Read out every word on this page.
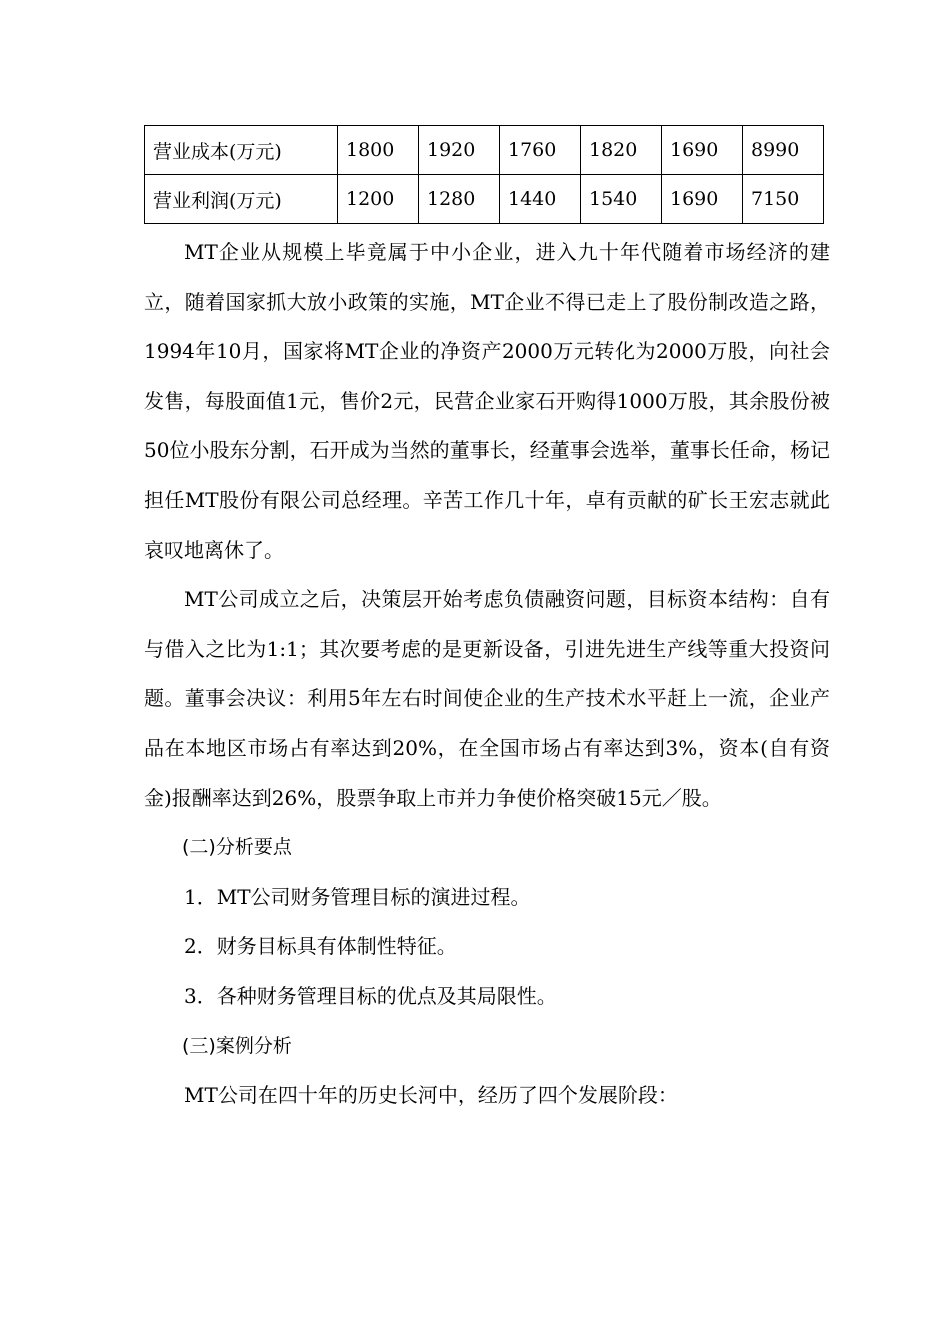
营业成本(万元)	1800	1920	1760	1820	1690	8990
营业利润(万元)	1200	1280	1440	1540	1690	7150

MT企业从规模上毕竟属于中小企业，进入九十年代随着市场经济的建立，随着国家抓大放小政策的实施，MT企业不得已走上了股份制改造之路，1994年10月，国家将MT企业的净资产2000万元转化为2000万股，向社会发售，每股面值1元，售价2元，民营企业家石开购得1000万股，其余股份被50位小股东分割，石开成为当然的董事长，经董事会选举，董事长任命，杨记担任MT股份有限公司总经理。辛苦工作几十年，卓有贡献的矿长王宏志就此哀叹地离休了。

MT公司成立之后，决策层开始考虑负债融资问题，目标资本结构：自有与借入之比为1:1；其次要考虑的是更新设备，引进先进生产线等重大投资问题。董事会决议：利用5年左右时间使企业的生产技术水平赶上一流，企业产品在本地区市场占有率达到20%，在全国市场占有率达到3%，资本(自有资金)报酬率达到26%，股票争取上市并力争使价格突破15元／股。

(二)分析要点

1．MT公司财务管理目标的演进过程。

2．财务目标具有体制性特征。

3．各种财务管理目标的优点及其局限性。

(三)案例分析

MT公司在四十年的历史长河中，经历了四个发展阶段：
